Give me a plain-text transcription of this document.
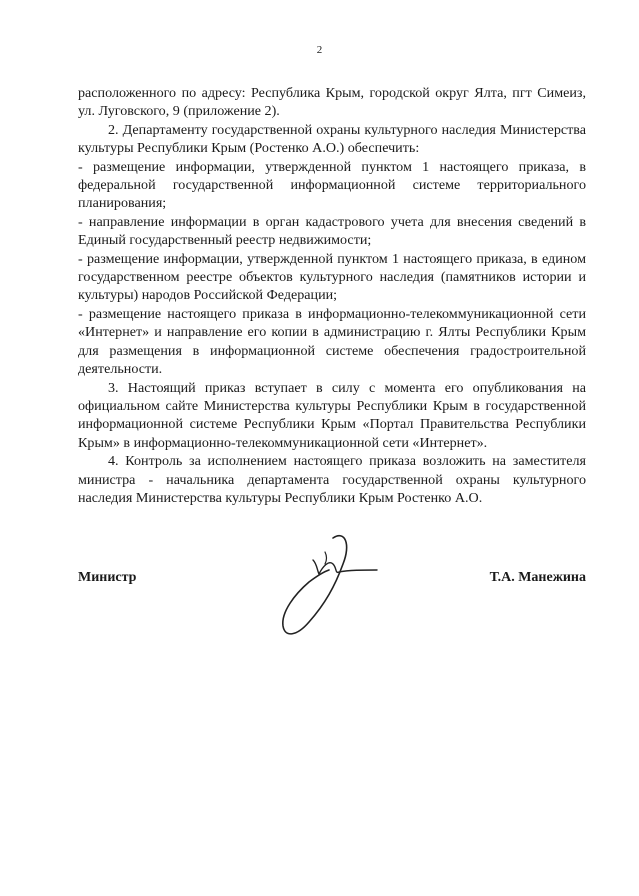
2

расположенного по адресу: Республика Крым, городской округ Ялта, пгт Симеиз, ул. Луговского, 9 (приложение 2).

2. Департаменту государственной охраны культурного наследия Министерства культуры Республики Крым (Ростенко А.О.) обеспечить:

- размещение информации, утвержденной пунктом 1 настоящего приказа, в федеральной государственной информационной системе территориального планирования;

- направление информации в орган кадастрового учета для внесения сведений в Единый государственный реестр недвижимости;

- размещение информации, утвержденной пунктом 1 настоящего приказа, в едином государственном реестре объектов культурного наследия (памятников истории и культуры) народов Российской Федерации;

- размещение настоящего приказа в информационно-телекоммуникационной сети «Интернет» и направление его копии в администрацию г. Ялты Республики Крым для размещения в информационной системе обеспечения градостроительной деятельности.

3. Настоящий приказ вступает в силу с момента его опубликования на официальном сайте Министерства культуры Республики Крым в государственной информационной системе Республики Крым «Портал Правительства Республики Крым» в информационно-телекоммуникационной сети «Интернет».

4. Контроль за исполнением настоящего приказа возложить на заместителя министра - начальника департамента государственной охраны культурного наследия Министерства культуры Республики Крым Ростенко А.О.

Министр	Т.А. Манежина
